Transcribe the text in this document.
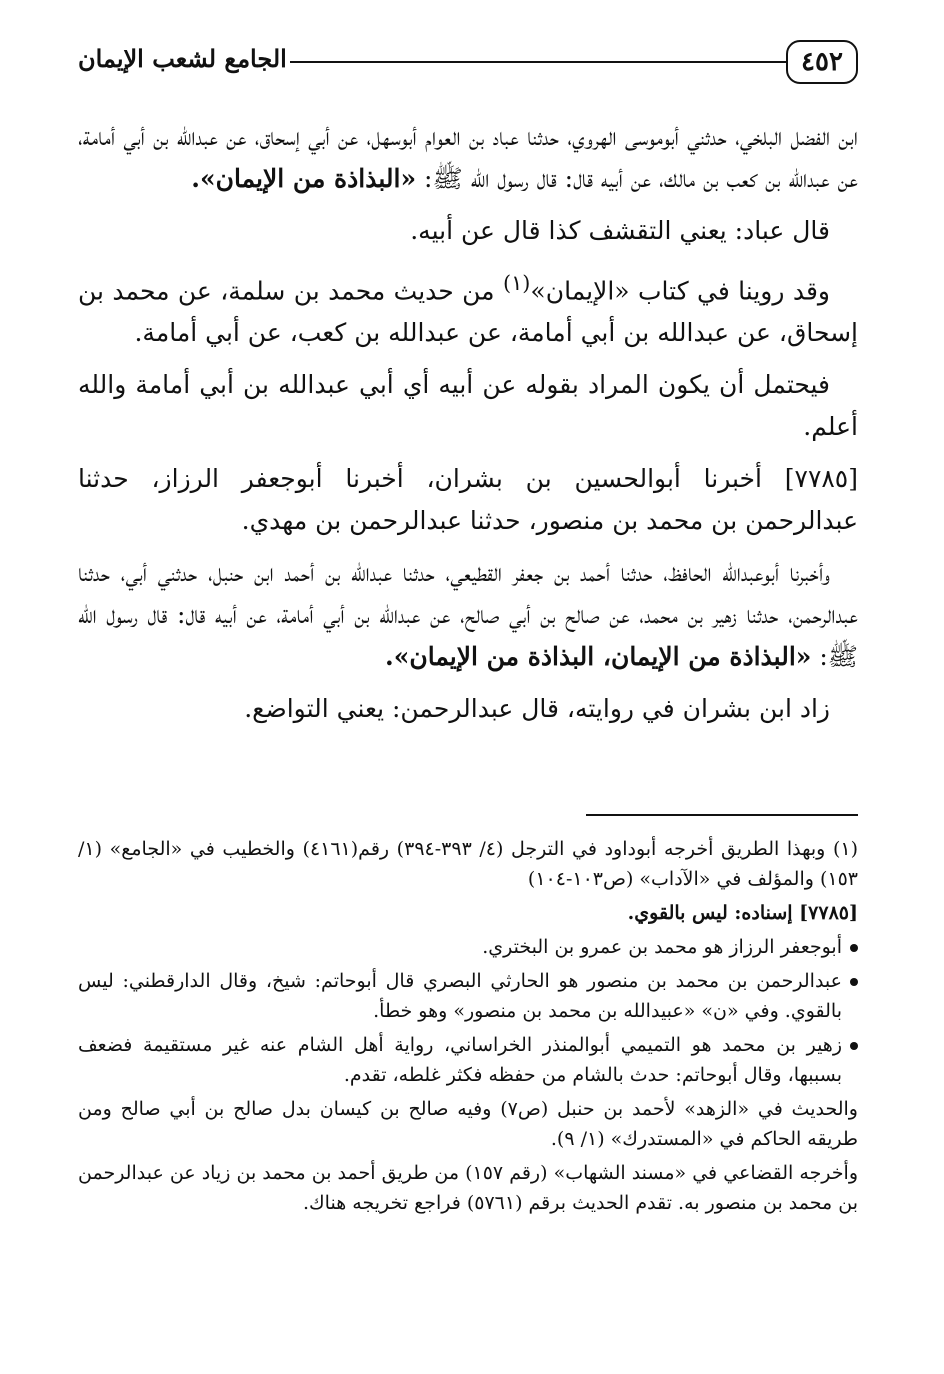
٤٥٢
الجامع لشعب الإيمان

ابن الفضل البلخي، حدثني أبوموسى الهروي، حدثنا عباد بن العوام أبوسهل، عن أبي إسحاق، عن عبدالله بن أبي أمامة، عن عبدالله بن كعب بن مالك، عن أبيه قال: قال رسول الله ﷺ: «البذاذة من الإيمان».

قال عباد: يعني التقشف كذا قال عن أبيه.

وقد روينا في كتاب «الإيمان»$^{(١)}$ من حديث محمد بن سلمة، عن محمد بن إسحاق، عن عبدالله بن أبي أمامة، عن عبدالله بن كعب، عن أبي أمامة.

فيحتمل أن يكون المراد بقوله عن أبيه أي أبي عبدالله بن أبي أمامة والله أعلم.

[٧٧٨٥] أخبرنا أبوالحسين بن بشران، أخبرنا أبوجعفر الرزاز، حدثنا عبدالرحمن بن محمد بن منصور، حدثنا عبدالرحمن بن مهدي.

وأخبرنا أبوعبدالله الحافظ، حدثنا أحمد بن جعفر القطيعي، حدثنا عبدالله بن أحمد ابن حنبل، حدثني أبي، حدثنا عبدالرحمن، حدثنا زهير بن محمد، عن صالح بن أبي صالح، عن عبدالله بن أبي أمامة، عن أبيه قال: قال رسول الله ﷺ: «البذاذة من الإيمان، البذاذة من الإيمان».

زاد ابن بشران في روايته، قال عبدالرحمن: يعني التواضع.

(١) وبهذا الطريق أخرجه أبوداود في الترجل (٤/ ٣٩٣-٣٩٤) رقم(٤١٦١) والخطيب في «الجامع» (١/ ١٥٣) والمؤلف في «الآداب» (ص١٠٣-١٠٤)

[٧٧٨٥] إسناده: ليس بالقوي.

أبوجعفر الرزاز هو محمد بن عمرو بن البختري.
عبدالرحمن بن محمد بن منصور هو الحارثي البصري قال أبوحاتم: شيخ، وقال الدارقطني: ليس بالقوي. وفي «ن» «عبيدالله بن محمد بن منصور» وهو خطأ.
زهير بن محمد هو التميمي أبوالمنذر الخراساني، رواية أهل الشام عنه غير مستقيمة فضعف بسببها، وقال أبوحاتم: حدث بالشام من حفظه فكثر غلطه، تقدم.

والحديث في «الزهد» لأحمد بن حنبل (ص٧) وفيه صالح بن كيسان بدل صالح بن أبي صالح ومن طريقه الحاكم في «المستدرك» (١/ ٩).

وأخرجه القضاعي في «مسند الشهاب» (رقم ١٥٧) من طريق أحمد بن محمد بن زياد عن عبدالرحمن بن محمد بن منصور به. تقدم الحديث برقم (٥٧٦١) فراجع تخريجه هناك.
